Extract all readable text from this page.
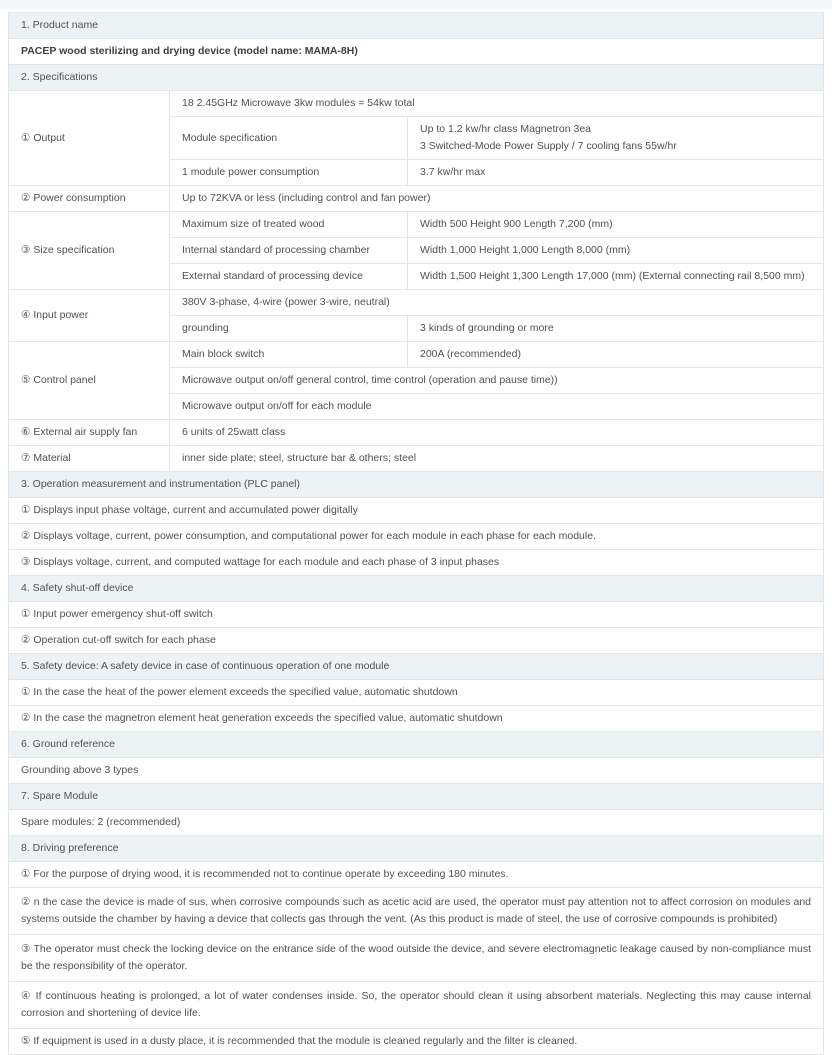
1. Product name		
PACEP wood sterilizing and drying device (model name: MAMA-8H)		
2. Specifications		
① Output	18 2.45GHz Microwave 3kw modules = 54kw total	
	Module specification	Up to 1.2 kw/hr class Magnetron 3ea
3 Switched-Mode Power Supply / 7 cooling fans 55w/hr

	1 module power consumption	3.7 kw/hr max
② Power consumption	Up to 72KVA or less (including control and fan power)	
③ Size specification	Maximum size of treated wood	Width 500 Height 900 Length 7,200 (mm)
	Internal standard of processing chamber	Width 1,000 Height 1,000 Length 8,000 (mm)
	External standard of processing device	Width 1,500 Height 1,300 Length 17,000 (mm) (External connecting rail 8,500 mm)
④ Input power	380V 3-phase, 4-wire (power 3-wire, neutral)	
	grounding	3 kinds of grounding or more
⑤ Control panel	Main block switch	200A (recommended)
	Microwave output on/off general control, time control (operation and pause time))	
	Microwave output on/off for each module	
⑥ External air supply fan	6 units of 25watt class	
⑦ Material	inner side plate; steel, structure bar & others; steel	
3. Operation measurement and instrumentation (PLC panel)		
① Displays input phase voltage, current and accumulated power digitally		
② Displays voltage, current, power consumption, and computational power for each module in each phase for each module.		
③ Displays voltage, current, and computed wattage for each module and each phase of 3 input phases		
4. Safety shut-off device		
① Input power emergency shut-off switch		
② Operation cut-off switch for each phase		
5. Safety device: A safety device in case of continuous operation of one module		
① In the case the heat of the power element exceeds the specified value, automatic shutdown		
② In the case the magnetron element heat generation exceeds the specified value, automatic shutdown		
6. Ground reference		
Grounding above 3 types		
7. Spare Module		
Spare modules: 2 (recommended)		
8. Driving preference		
① For the purpose of drying wood, it is recommended not to continue operate by exceeding 180 minutes.		
② n the case the device is made of sus, when corrosive compounds such as acetic acid are used, the operator must pay attention not to affect corrosion on modules and systems outside the chamber by having a device that collects gas through the vent. (As this product is made of steel, the use of corrosive compounds is prohibited)		
③ The operator must check the locking device on the entrance side of the wood outside the device, and severe electromagnetic leakage caused by non-compliance must be the responsibility of the operator.		
④ If continuous heating is prolonged, a lot of water condenses inside. So, the operator should clean it using absorbent materials. Neglecting this may cause internal corrosion and shortening of device life.		
⑤ If equipment is used in a dusty place, it is recommended that the module is cleaned regularly and the filter is cleaned.		
